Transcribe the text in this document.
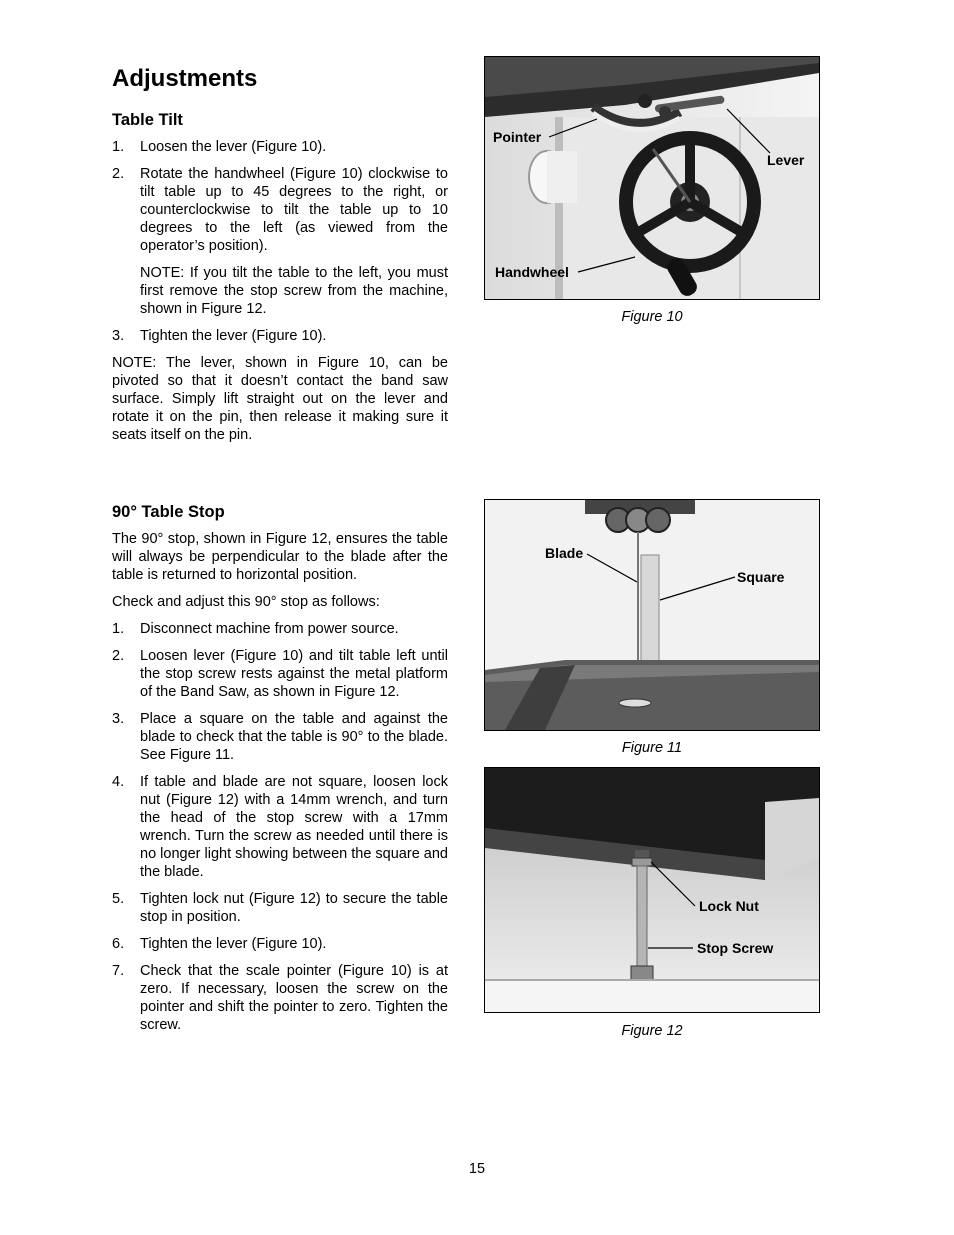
Adjustments
Table Tilt
1. Loosen the lever (Figure 10).
2. Rotate the handwheel (Figure 10) clockwise to tilt table up to 45 degrees to the right, or counterclockwise to tilt the table up to 10 degrees to the left (as viewed from the operator’s position).
NOTE: If you tilt the table to the left, you must first remove the stop screw from the machine, shown in Figure 12.
3. Tighten the lever (Figure 10).

NOTE: The lever, shown in Figure 10, can be pivoted so that it doesn’t contact the band saw surface. Simply lift straight out on the lever and rotate it on the pin, then release it making sure it seats itself on the pin.

90° Table Stop

The 90° stop, shown in Figure 12, ensures the table will always be perpendicular to the blade after the table is returned to horizontal position.

Check and adjust this 90° stop as follows:

1. Disconnect machine from power source.
2. Loosen lever (Figure 10) and tilt table left until the stop screw rests against the metal platform of the Band Saw, as shown in Figure 12.
3. Place a square on the table and against the blade to check that the table is 90° to the blade. See Figure 11.
4. If table and blade are not square, loosen lock nut (Figure 12) with a 14mm wrench, and turn the head of the stop screw with a 17mm wrench. Turn the screw as needed until there is no longer light showing between the square and the blade.
5. Tighten lock nut (Figure 12) to secure the table stop in position.
6. Tighten the lever (Figure 10).
7. Check that the scale pointer (Figure 10) is at zero. If necessary, loosen the screw on the pointer and shift the pointer to zero. Tighten the screw.
Pointer
Lever
Handwheel
Figure 10
Blade
Square
Figure 11
Lock Nut
Stop Screw
Figure 12
15
